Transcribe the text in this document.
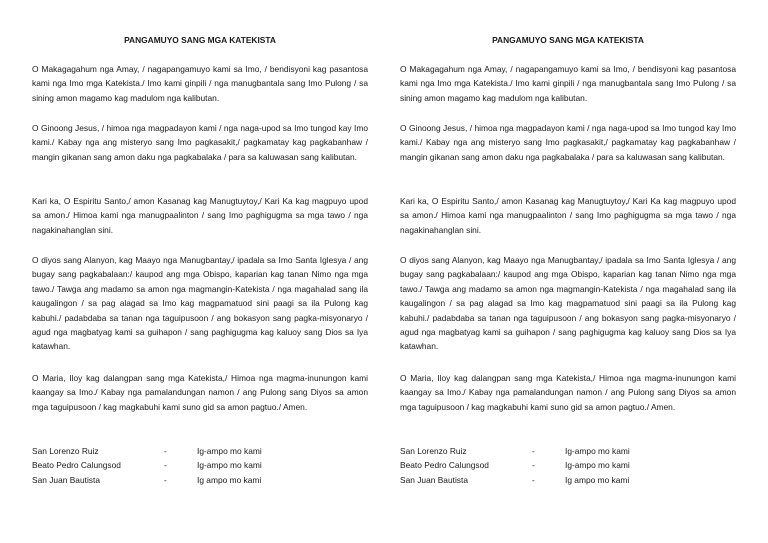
PANGAMUYO SANG MGA KATEKISTA

O Makagagahum nga Amay, / nagapangamuyo kami sa Imo, / bendisyoni kag pasantosa kami nga Imo mga Katekista./ Imo kami ginpili / nga manugbantala sang Imo Pulong / sa sining amon magamo kag madulom nga kalibutan.

O Ginoong Jesus, / himoa nga magpadayon kami / nga naga-upod sa Imo tungod kay Imo kami./ Kabay nga ang misteryo sang Imo pagkasakit,/ pagkamatay kag pagkabanhaw / mangin gikanan sang amon daku nga pagkabalaka / para sa kaluwasan sang kalibutan.

Kari ka, O Espiritu Santo,/ amon Kasanag kag Manugtuytoy,/ Kari Ka kag magpuyo upod sa amon./ Himoa kami nga manugpaalinton / sang Imo paghigugma sa mga tawo / nga nagakinahanglan sini.

O diyos sang Alanyon, kag Maayo nga Manugbantay,/ ipadala sa Imo Santa Iglesya / ang bugay sang pagkabalaan:/ kaupod ang mga Obispo, kaparian kag tanan Nimo nga mga tawo./ Tawga ang madamo sa amon nga magmangin-Katekista / nga magahalad sang ila kaugalingon / sa pag alagad sa Imo kag magpamatuod sini paagi sa ila Pulong kag kabuhi./ padabdaba sa tanan nga taguipusoon / ang bokasyon sang pagka-misyonaryo / agud nga magbatyag kami sa guihapon / sang paghigugma kag kaluoy sang Dios sa Iya katawhan.

O Maria, Iloy kag dalangpan sang mga Katekista,/ Himoa nga magma-inunungon kami kaangay sa Imo./ Kabay nga pamalandungan namon / ang Pulong sang Diyos sa amon mga taguipusoon / kag magkabuhi kami suno gid sa amon pagtuo./ Amen.

San Lorenzo Ruiz	-	Ig-ampo mo kami
Beato Pedro Calungsod	-	Ig-ampo mo kami
San Juan Bautista	-	Ig ampo mo kami
PANGAMUYO SANG MGA KATEKISTA

O Makagagahum nga Amay, / nagapangamuyo kami sa Imo, / bendisyoni kag pasantosa kami nga Imo mga Katekista./ Imo kami ginpili / nga manugbantala sang Imo Pulong / sa sining amon magamo kag madulom nga kalibutan.

O Ginoong Jesus, / himoa nga magpadayon kami / nga naga-upod sa Imo tungod kay Imo kami./ Kabay nga ang misteryo sang Imo pagkasakit,/ pagkamatay kag pagkabanhaw / mangin gikanan sang amon daku nga pagkabalaka / para sa kaluwasan sang kalibutan.

Kari ka, O Espiritu Santo,/ amon Kasanag kag Manugtuytoy,/ Kari Ka kag magpuyo upod sa amon./ Himoa kami nga manugpaalinton / sang Imo paghigugma sa mga tawo / nga nagakinahanglan sini.

O diyos sang Alanyon, kag Maayo nga Manugbantay,/ ipadala sa Imo Santa Iglesya / ang bugay sang pagkabalaan:/ kaupod ang mga Obispo, kaparian kag tanan Nimo nga mga tawo./ Tawga ang madamo sa amon nga magmangin-Katekista / nga magahalad sang ila kaugalingon / sa pag alagad sa Imo kag magpamatuod sini paagi sa ila Pulong kag kabuhi./ padabdaba sa tanan nga taguipusoon / ang bokasyon sang pagka-misyonaryo / agud nga magbatyag kami sa guihapon / sang paghigugma kag kaluoy sang Dios sa Iya katawhan.

O Maria, Iloy kag dalangpan sang mga Katekista,/ Himoa nga magma-inunungon kami kaangay sa Imo./ Kabay nga pamalandungan namon / ang Pulong sang Diyos sa amon mga taguipusoon / kag magkabuhi kami suno gid sa amon pagtuo./ Amen.

San Lorenzo Ruiz	-	Ig-ampo mo kami
Beato Pedro Calungsod	-	Ig-ampo mo kami
San Juan Bautista	-	Ig ampo mo kami
